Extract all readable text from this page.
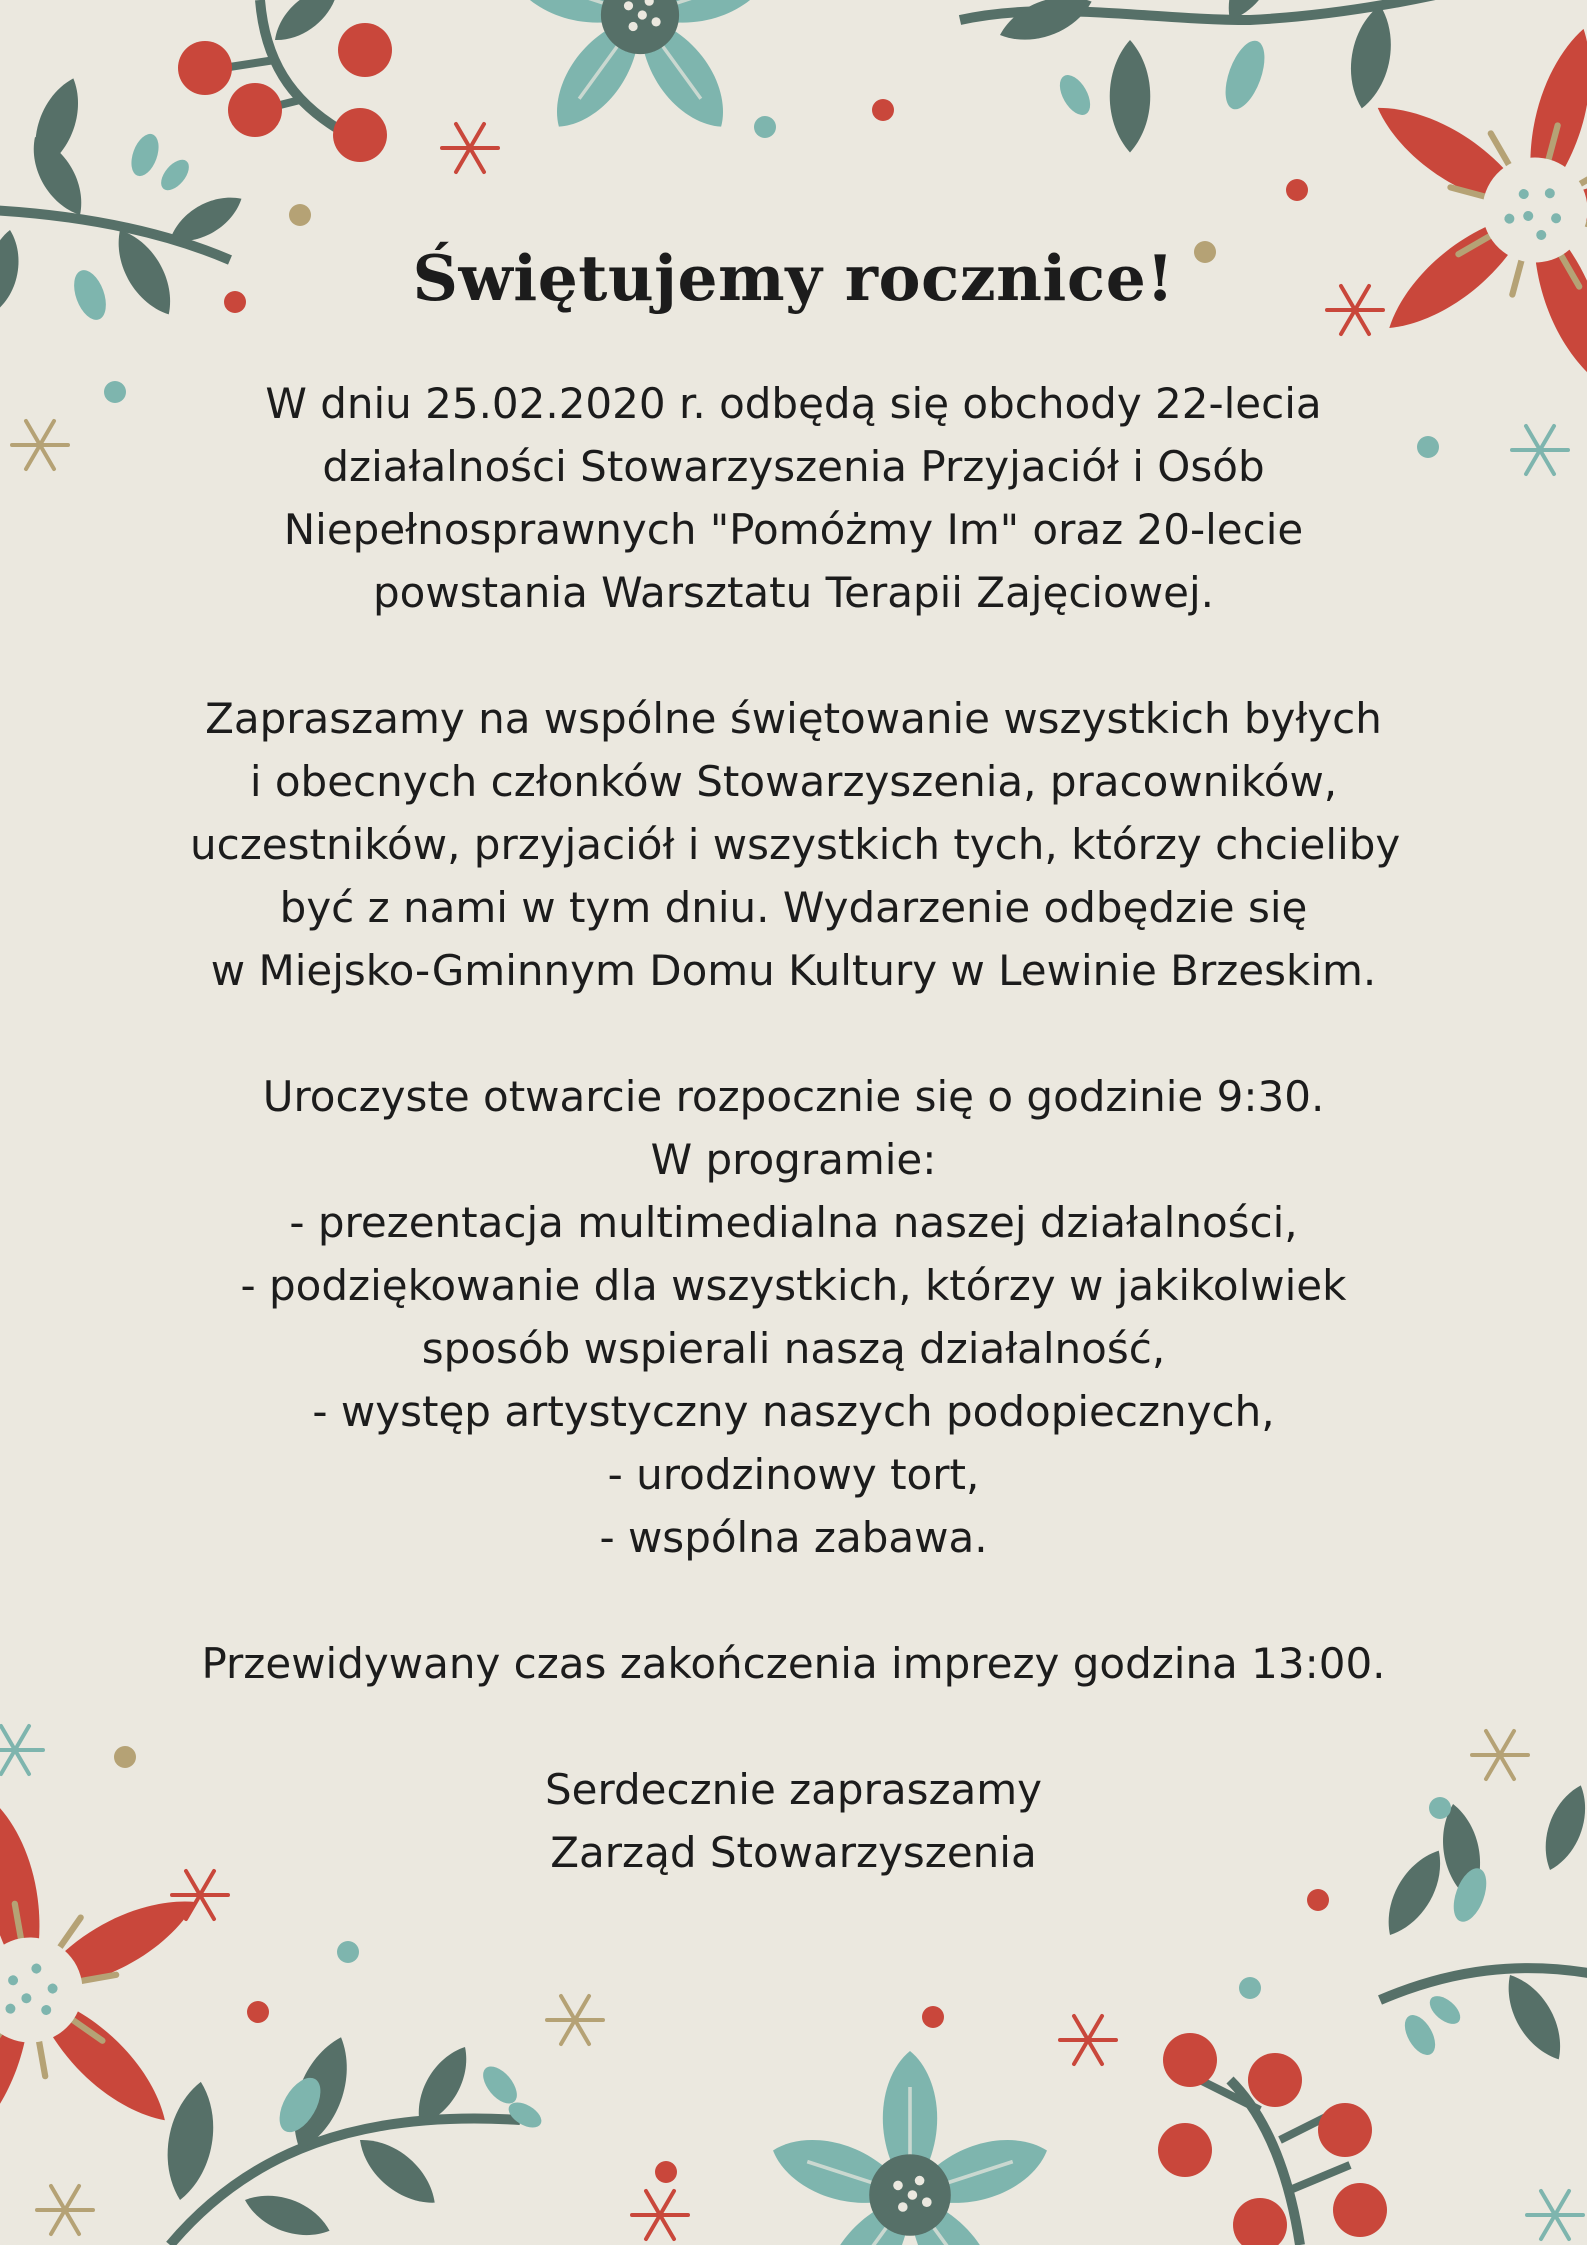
Świętujemy rocznice!
W dniu 25.02.2020 r. odbędą się obchody 22-lecia
działalności Stowarzyszenia Przyjaciół i Osób
Niepełnosprawnych "Pomóżmy Im" oraz 20-lecie
powstania Warsztatu Terapii Zajęciowej.
Zapraszamy na wspólne świętowanie wszystkich byłych
i obecnych członków Stowarzyszenia, pracowników,
uczestników, przyjaciół i wszystkich tych, którzy chcieliby
być z nami w tym dniu. Wydarzenie odbędzie się
w Miejsko-Gminnym Domu Kultury w Lewinie Brzeskim.
Uroczyste otwarcie rozpocznie się o godzinie 9:30.
W programie:
- prezentacja multimedialna naszej działalności,
- podziękowanie dla wszystkich, którzy w jakikolwiek
sposób wspierali naszą działalność,
- występ artystyczny naszych podopiecznych,
- urodzinowy tort,
- wspólna zabawa.
Przewidywany czas zakończenia imprezy godzina 13:00.
Serdecznie zapraszamy
Zarząd Stowarzyszenia
